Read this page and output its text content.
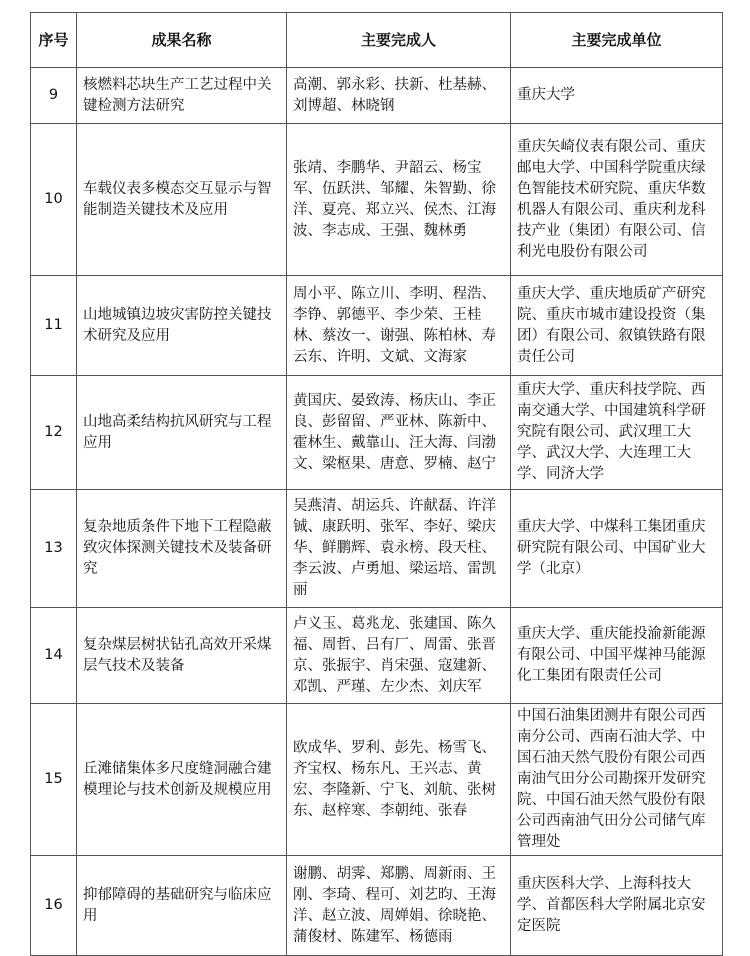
序号	成果名称	主要完成人	主要完成单位
9	核燃料芯块生产工艺过程中关键检测方法研究	高潮、郭永彩、扶新、杜基赫、刘博超、林晓钢	重庆大学
10	车载仪表多模态交互显示与智能制造关键技术及应用	张靖、李鹏华、尹韶云、杨宝军、伍跃洪、邹耀、朱智勤、徐洋、夏亮、郑立兴、侯杰、江海波、李志成、王强、魏林勇	重庆矢崎仪表有限公司、重庆邮电大学、中国科学院重庆绿色智能技术研究院、重庆华数机器人有限公司、重庆利龙科技产业（集团）有限公司、信利光电股份有限公司
11	山地城镇边坡灾害防控关键技术研究及应用	周小平、陈立川、李明、程浩、李铮、郭德平、李少荣、王桂林、蔡汝一、谢强、陈柏林、寿云东、许明、文斌、文海家	重庆大学、重庆地质矿产研究院、重庆市城市建设投资（集团）有限公司、叙镇铁路有限责任公司
12	山地高柔结构抗风研究与工程应用	黄国庆、晏致涛、杨庆山、李正良、彭留留、严亚林、陈新中、霍林生、戴靠山、汪大海、闫渤文、梁枢果、唐意、罗楠、赵宁	重庆大学、重庆科技学院、西南交通大学、中国建筑科学研究院有限公司、武汉理工大学、武汉大学、大连理工大学、同济大学
13	复杂地质条件下地下工程隐蔽致灾体探测关键技术及装备研究	吴燕清、胡运兵、许献磊、许洋铖、康跃明、张军、李好、梁庆华、鲜鹏辉、袁永榜、段天柱、李云波、卢勇旭、梁运培、雷凯丽	重庆大学、中煤科工集团重庆研究院有限公司、中国矿业大学（北京）
14	复杂煤层树状钻孔高效开采煤层气技术及装备	卢义玉、葛兆龙、张建国、陈久福、周哲、吕有厂、周雷、张晋京、张振宇、肖宋强、寇建新、邓凯、严瑾、左少杰、刘庆军	重庆大学、重庆能投渝新能源有限公司、中国平煤神马能源化工集团有限责任公司
15	丘滩储集体多尺度缝洞融合建模理论与技术创新及规模应用	欧成华、罗利、彭先、杨雪飞、齐宝权、杨东凡、王兴志、黄宏、李隆新、宁飞、刘航、张树东、赵梓寒、李朝纯、张春	中国石油集团测井有限公司西南分公司、西南石油大学、中国石油天然气股份有限公司西南油气田分公司勘探开发研究院、中国石油天然气股份有限公司西南油气田分公司储气库管理处
16	抑郁障碍的基础研究与临床应用	谢鹏、胡霁、郑鹏、周新雨、王刚、李琦、程可、刘艺昀、王海洋、赵立波、周婵娟、徐晓艳、蒲俊材、陈建军、杨德雨	重庆医科大学、上海科技大学、首都医科大学附属北京安定医院
